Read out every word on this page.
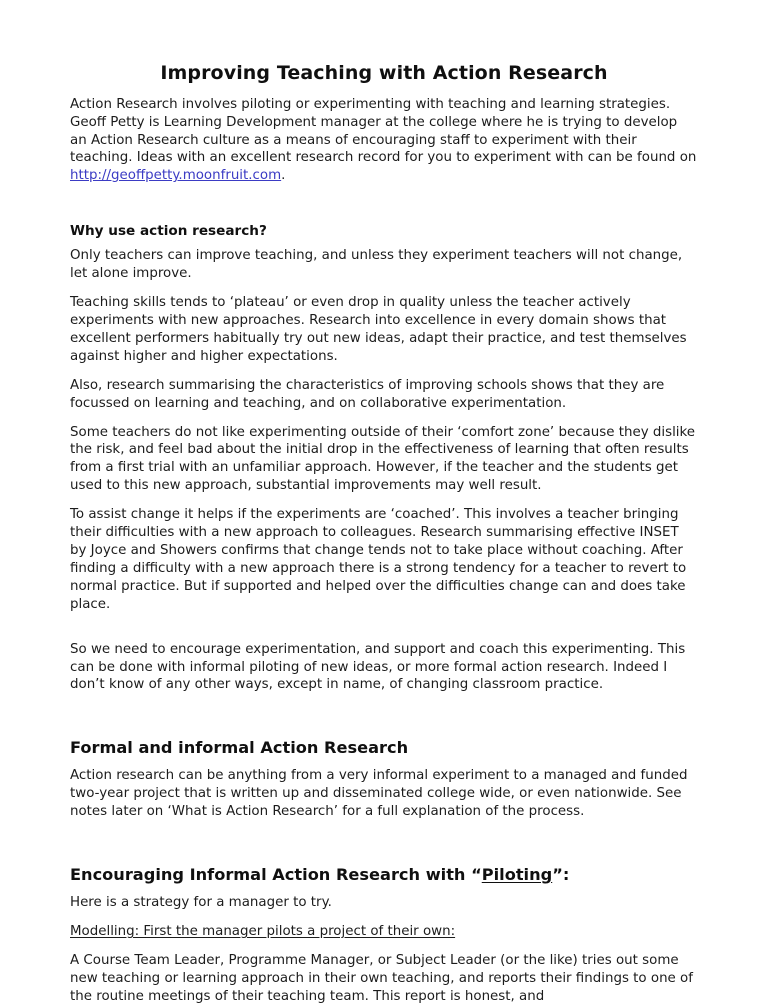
Improving Teaching with Action Research

Action Research involves piloting or experimenting with teaching and learning strategies. Geoff Petty is Learning Development manager at the college where he is trying to develop an Action Research culture as a means of encouraging staff to experiment with their teaching. Ideas with an excellent research record for you to experiment with can be found on http://geoffpetty.moonfruit.com.

Why use action research?

Only teachers can improve teaching, and unless they experiment teachers will not change, let alone improve.

Teaching skills tends to ‘plateau’ or even drop in quality unless the teacher actively experiments with new approaches. Research into excellence in every domain shows that excellent performers habitually try out new ideas, adapt their practice, and test themselves against higher and higher expectations.

Also, research summarising the characteristics of improving schools shows that they are focussed on learning and teaching, and on collaborative experimentation.

Some teachers do not like experimenting outside of their ‘comfort zone’ because they dislike the risk, and feel bad about the initial drop in the effectiveness of learning that often results from a first trial with an unfamiliar approach. However, if the teacher and the students get used to this new approach, substantial improvements may well result.

To assist change it helps if the experiments are ‘coached’. This involves a teacher bringing their difficulties with a new approach to colleagues. Research summarising effective INSET by Joyce and Showers confirms that change tends not to take place without coaching. After finding a difficulty with a new approach there is a strong tendency for a teacher to revert to normal practice. But if supported and helped over the difficulties change can and does take place.

So we need to encourage experimentation, and support and coach this experimenting. This can be done with informal piloting of new ideas, or more formal action research. Indeed I don’t know of any other ways, except in name, of changing classroom practice.

Formal and informal Action Research

Action research can be anything from a very informal experiment to a managed and funded two-year project that is written up and disseminated college wide, or even nationwide. See notes later on ‘What is Action Research’ for a full explanation of the process.

Encouraging Informal Action Research with “Piloting”:

Here is a strategy for a manager to try.

Modelling: First the manager pilots a project of their own:

A Course Team Leader, Programme Manager, or Subject Leader (or the like) tries out some new teaching or learning approach in their own teaching, and reports their findings to one of the routine meetings of their teaching team. This report is honest, and
